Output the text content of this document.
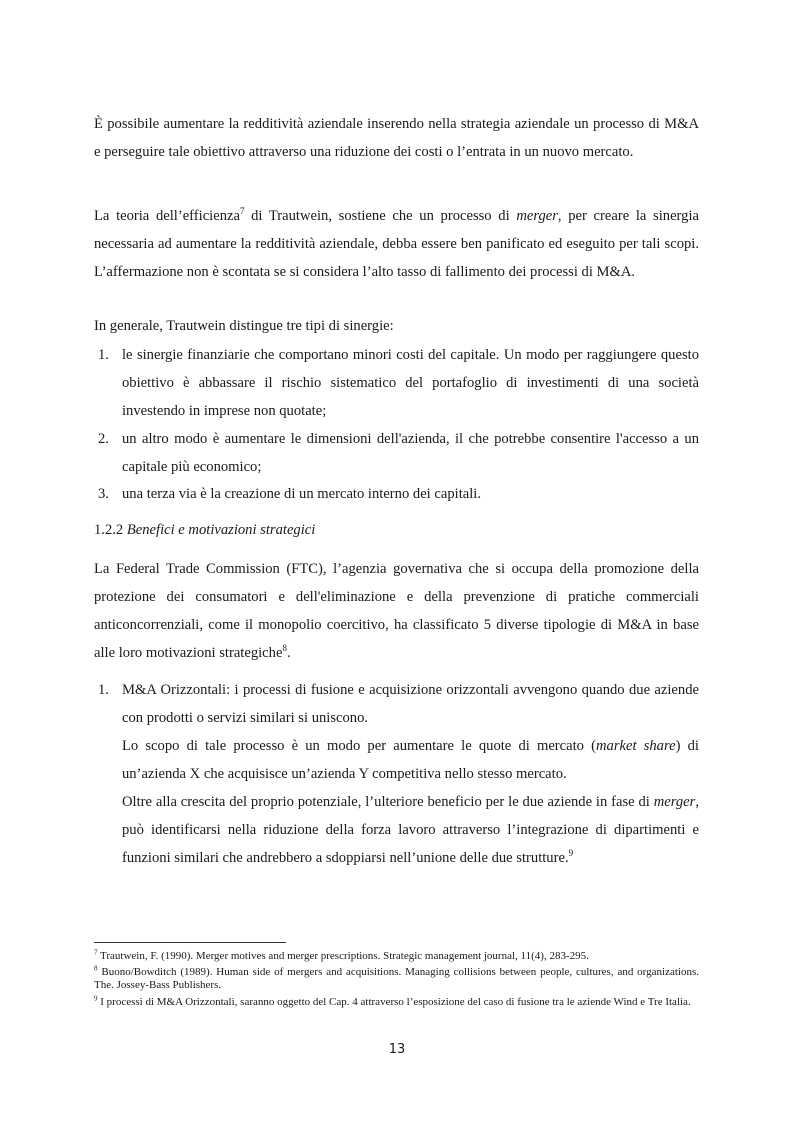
È possibile aumentare la redditività aziendale inserendo nella strategia aziendale un processo di M&A e perseguire tale obiettivo attraverso una riduzione dei costi o l’entrata in un nuovo mercato.

La teoria dell’efficienza$^7$ di Trautwein, sostiene che un processo di merger, per creare la sinergia necessaria ad aumentare la redditività aziendale, debba essere ben panificato ed eseguito per tali scopi. L’affermazione non è scontata se si considera l’alto tasso di fallimento dei processi di M&A.

In generale, Trautwein distingue tre tipi di sinergie:

1. le sinergie finanziarie che comportano minori costi del capitale. Un modo per raggiungere questo obiettivo è abbassare il rischio sistematico del portafoglio di investimenti di una società investendo in imprese non quotate;
2. un altro modo è aumentare le dimensioni dell'azienda, il che potrebbe consentire l'accesso a un capitale più economico;
3. una terza via è la creazione di un mercato interno dei capitali.
1.2.2 Benefici e motivazioni strategici

La Federal Trade Commission (FTC), l’agenzia governativa che si occupa della promozione della protezione dei consumatori e dell'eliminazione e della prevenzione di pratiche commerciali anticoncorrenziali, come il monopolio coercitivo, ha classificato 5 diverse tipologie di M&A in base alle loro motivazioni strategiche$^8$.

1. M&A Orizzontali: i processi di fusione e acquisizione orizzontali avvengono quando due aziende con prodotti o servizi similari si uniscono.
Lo scopo di tale processo è un modo per aumentare le quote di mercato (market share) di un’azienda X che acquisisce un’azienda Y competitiva nello stesso mercato.
Oltre alla crescita del proprio potenziale, l’ulteriore beneficio per le due aziende in fase di merger, può identificarsi nella riduzione della forza lavoro attraverso l’integrazione di dipartimenti e funzioni similari che andrebbero a sdoppiarsi nell’unione delle due strutture.$^9$

$^7$ Trautwein, F. (1990). Merger motives and merger prescriptions. Strategic management journal, 11(4), 283-295.

$^8$ Buono/Bowditch (1989). Human side of mergers and acquisitions. Managing collisions between people, cultures, and organizations. The. Jossey-Bass Publishers.

$^9$ I processi di M&A Orizzontali, saranno oggetto del Cap. 4 attraverso l’esposizione del caso di fusione tra le aziende Wind e Tre Italia.

13
